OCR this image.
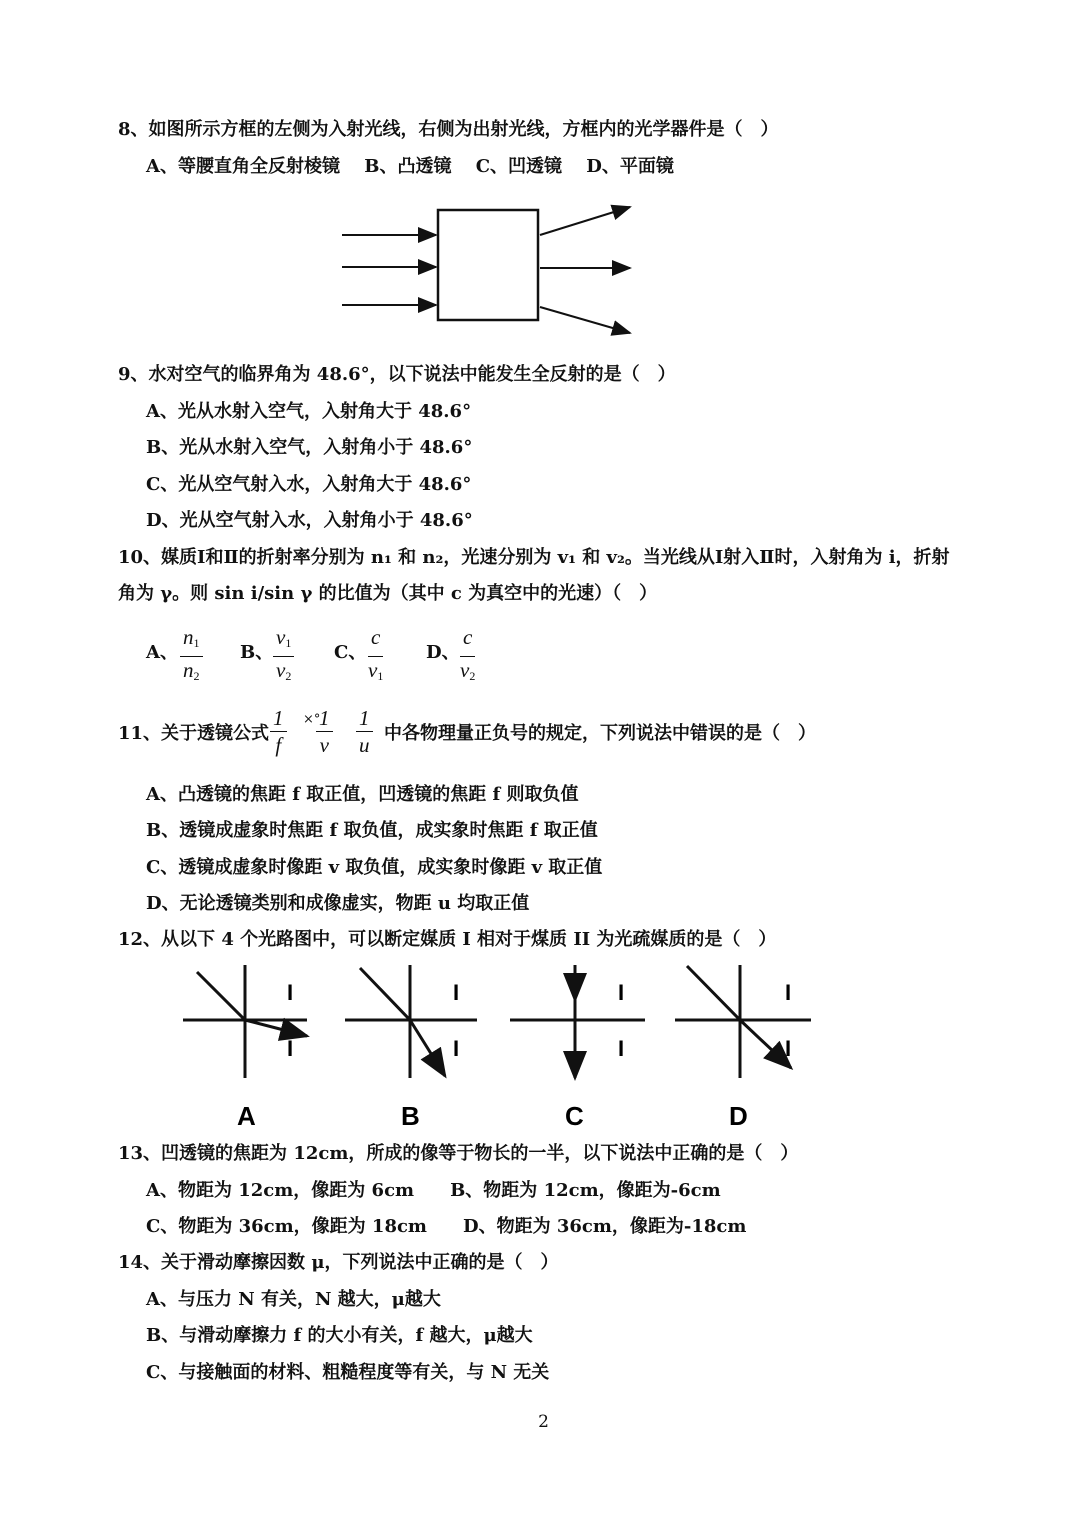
8、如图所示方框的左侧为入射光线，右侧为出射光线，方框内的光学器件是（　）
A、等腰直角全反射棱镜　 B、凸透镜　 C、凹透镜　 D、平面镜
9、水对空气的临界角为 48.6°，以下说法中能发生全反射的是（　）
A、光从水射入空气，入射角大于 48.6°
B、光从水射入空气，入射角小于 48.6°
C、光从空气射入水，入射角大于 48.6°
D、光从空气射入水，入射角小于 48.6°
10、媒质Ⅰ和Ⅱ的折射率分别为 n₁ 和 n₂，光速分别为 v₁ 和 v₂。当光线从Ⅰ射入Ⅱ时，入射角为 i，折射
角为 γ。则 sin i/sin γ 的比值为（其中 c 为真空中的光速）（　）
A、 $\frac{n_1}{n_2}$ B、 $\frac{v_1}{v_2}$ C、 $\frac{c}{v_1}$ D、 $\frac{c}{v_2}$
11、关于透镜公式 $\frac{1}{f}$ ×°
$\frac{1}{v} \frac{1}{u}$ 中各物理量正负号的规定，下列说法中错误的是（　）
A、凸透镜的焦距 f 取正值，凹透镜的焦距 f 则取负值
B、透镜成虚象时焦距 f 取负值，成实象时焦距 f 取正值
C、透镜成虚象时像距 v 取负值，成实象时像距 v 取正值
D、无论透镜类别和成像虚实，物距 u 均取正值
12、从以下 4 个光路图中，可以断定媒质 I 相对于煤质 II 为光疏媒质的是（　）
I
I
A
I
I
B
I
I
C
I
I
D
13、凹透镜的焦距为 12cm，所成的像等于物长的一半，以下说法中正确的是（　）
A、物距为 12cm，像距为 6cm　　B、物距为 12cm，像距为-6cm
C、物距为 36cm，像距为 18cm　　D、物距为 36cm，像距为-18cm
14、关于滑动摩擦因数 μ，下列说法中正确的是（　）
A、与压力 N 有关，N 越大，μ越大
B、与滑动摩擦力 f 的大小有关，f 越大，μ越大
C、与接触面的材料、粗糙程度等有关，与 N 无关
2
